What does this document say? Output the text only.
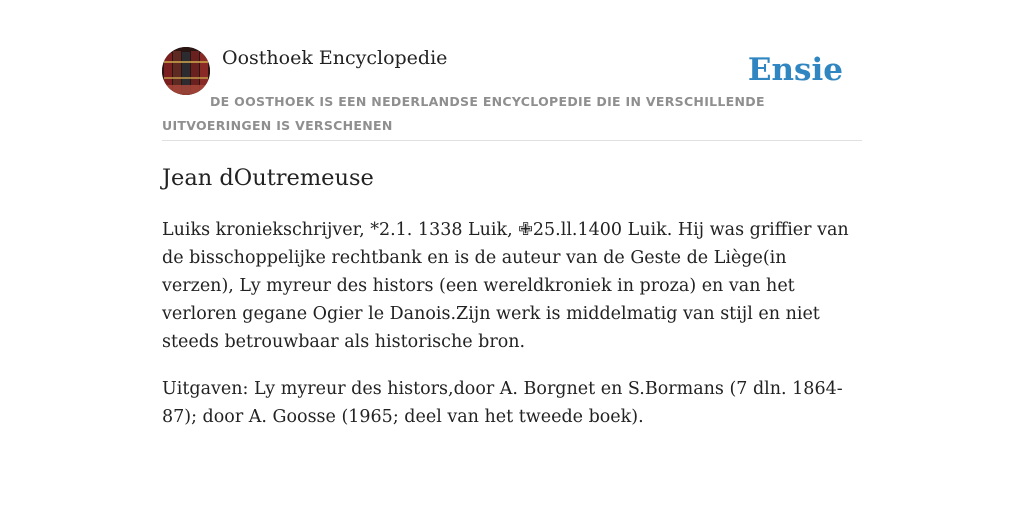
Oosthoek Encyclopedie	Ensie
DE OOSTHOEK IS EEN NEDERLANDSE ENCYCLOPEDIE DIE IN VERSCHILLENDE UITVOERINGEN IS VERSCHENEN
Jean dOutremeuse

Luiks kroniekschrijver, *2.1. 1338 Luik, ✙25.ll.1400 Luik. Hij was griffier van de bisschoppelijke rechtbank en is de auteur van de Geste de Liège(in verzen), Ly myreur des histors (een wereldkroniek in proza) en van het verloren gegane Ogier le Danois.Zijn werk is middelmatig van stijl en niet steeds betrouwbaar als historische bron.

Uitgaven: Ly myreur des histors,door A. Borgnet en S.Bormans (7 dln. 1864-87); door A. Goosse (1965; deel van het tweede boek).
